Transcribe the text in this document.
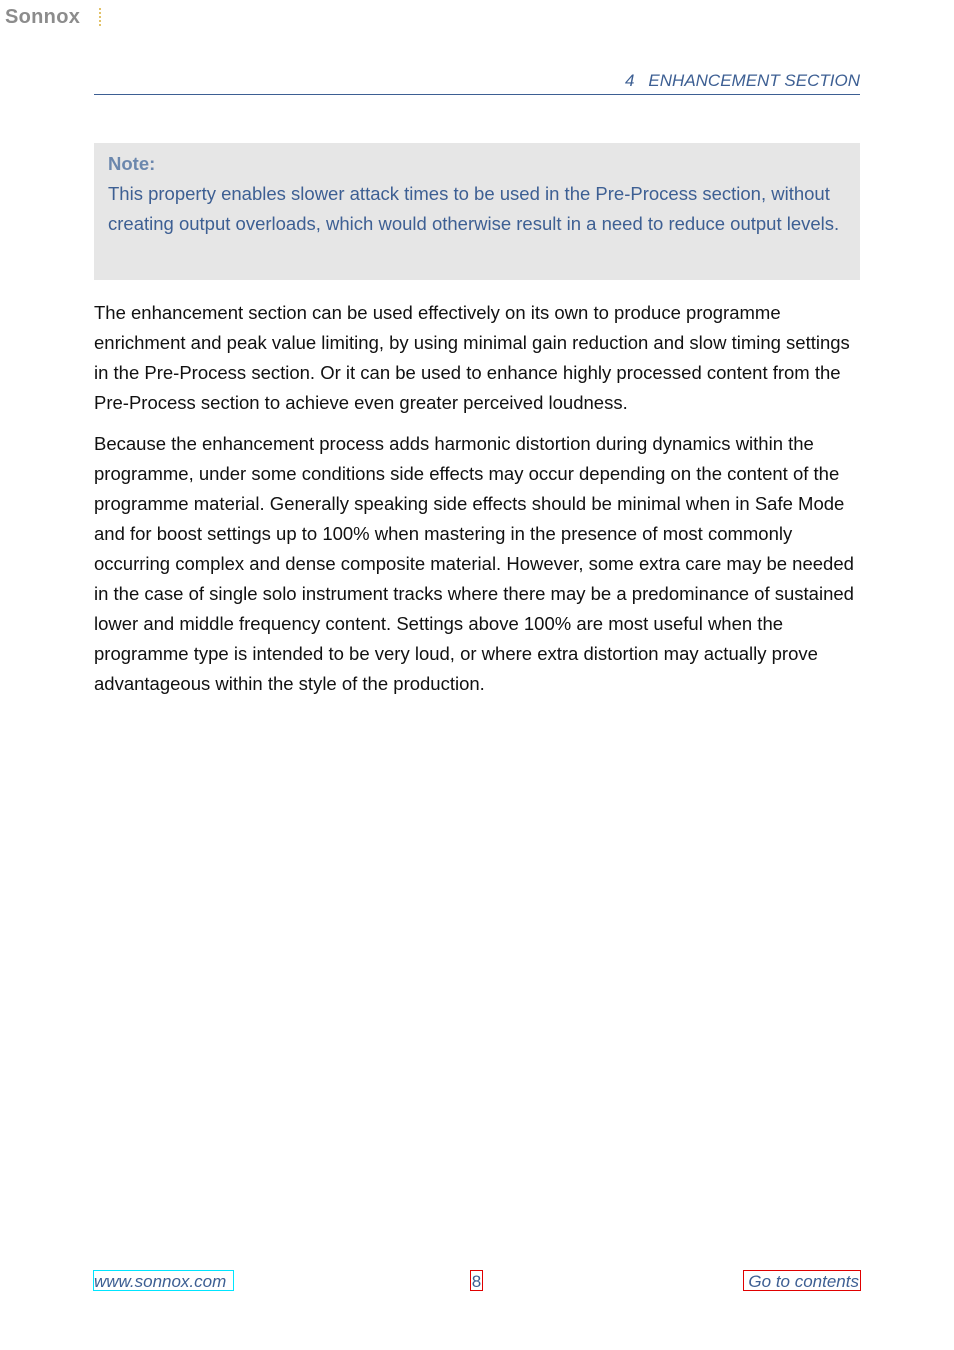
Sonnox
4 ENHANCEMENT SECTION
Note:

This property enables slower attack times to be used in the Pre-Process section, without creating output overloads, which would otherwise result in a need to reduce output levels.

The enhancement section can be used effectively on its own to produce programme enrichment and peak value limiting, by using minimal gain reduction and slow timing settings in the Pre-Process section. Or it can be used to enhance highly processed content from the Pre-Process section to achieve even greater perceived loudness.

Because the enhancement process adds harmonic distortion during dynamics within the programme, under some conditions side effects may occur depending on the content of the programme material. Generally speaking side effects should be minimal when in Safe Mode and for boost settings up to 100% when mastering in the presence of most commonly occurring complex and dense composite material. However, some extra care may be needed in the case of single solo instrument tracks where there may be a predominance of sustained lower and middle frequency content. Settings above 100% are most useful when the programme type is intended to be very loud, or where extra distortion may actually prove advantageous within the style of the production.

www.sonnox.com	8	Go to contents
